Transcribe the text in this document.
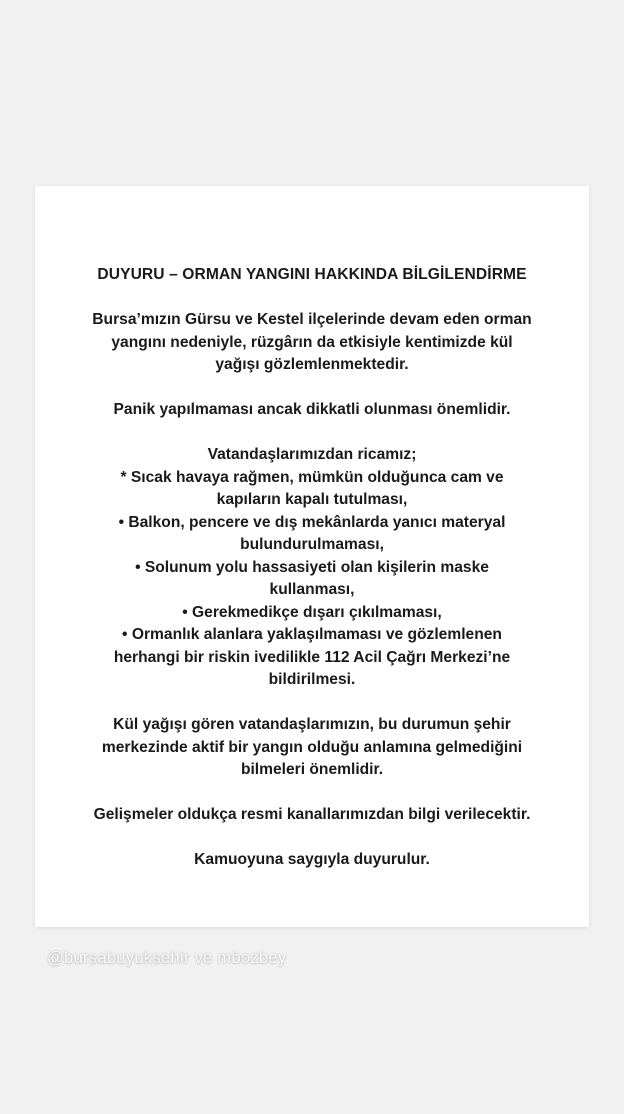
DUYURU – ORMAN YANGINI HAKKINDA BİLGİLENDİRME
Bursa’mızın Gürsu ve Kestel ilçelerinde devam eden orman
yangını nedeniyle, rüzgârın da etkisiyle kentimizde kül
yağışı gözlemlenmektedir.
Panik yapılmaması ancak dikkatli olunması önemlidir.
Vatandaşlarımızdan ricamız;
* Sıcak havaya rağmen, mümkün olduğunca cam ve
kapıların kapalı tutulması,
• Balkon, pencere ve dış mekânlarda yanıcı materyal
bulundurulmaması,
• Solunum yolu hassasiyeti olan kişilerin maske
kullanması,
• Gerekmedikçe dışarı çıkılmaması,
• Ormanlık alanlara yaklaşılmaması ve gözlemlenen
herhangi bir riskin ivedilikle 112 Acil Çağrı Merkezi’ne
bildirilmesi.
Kül yağışı gören vatandaşlarımızın, bu durumun şehir
merkezinde aktif bir yangın olduğu anlamına gelmediğini
bilmeleri önemlidir.
Gelişmeler oldukça resmi kanallarımızdan bilgi verilecektir.
Kamuoyuna saygıyla duyurulur.
@bursabuyuksehir ve mbozbey
